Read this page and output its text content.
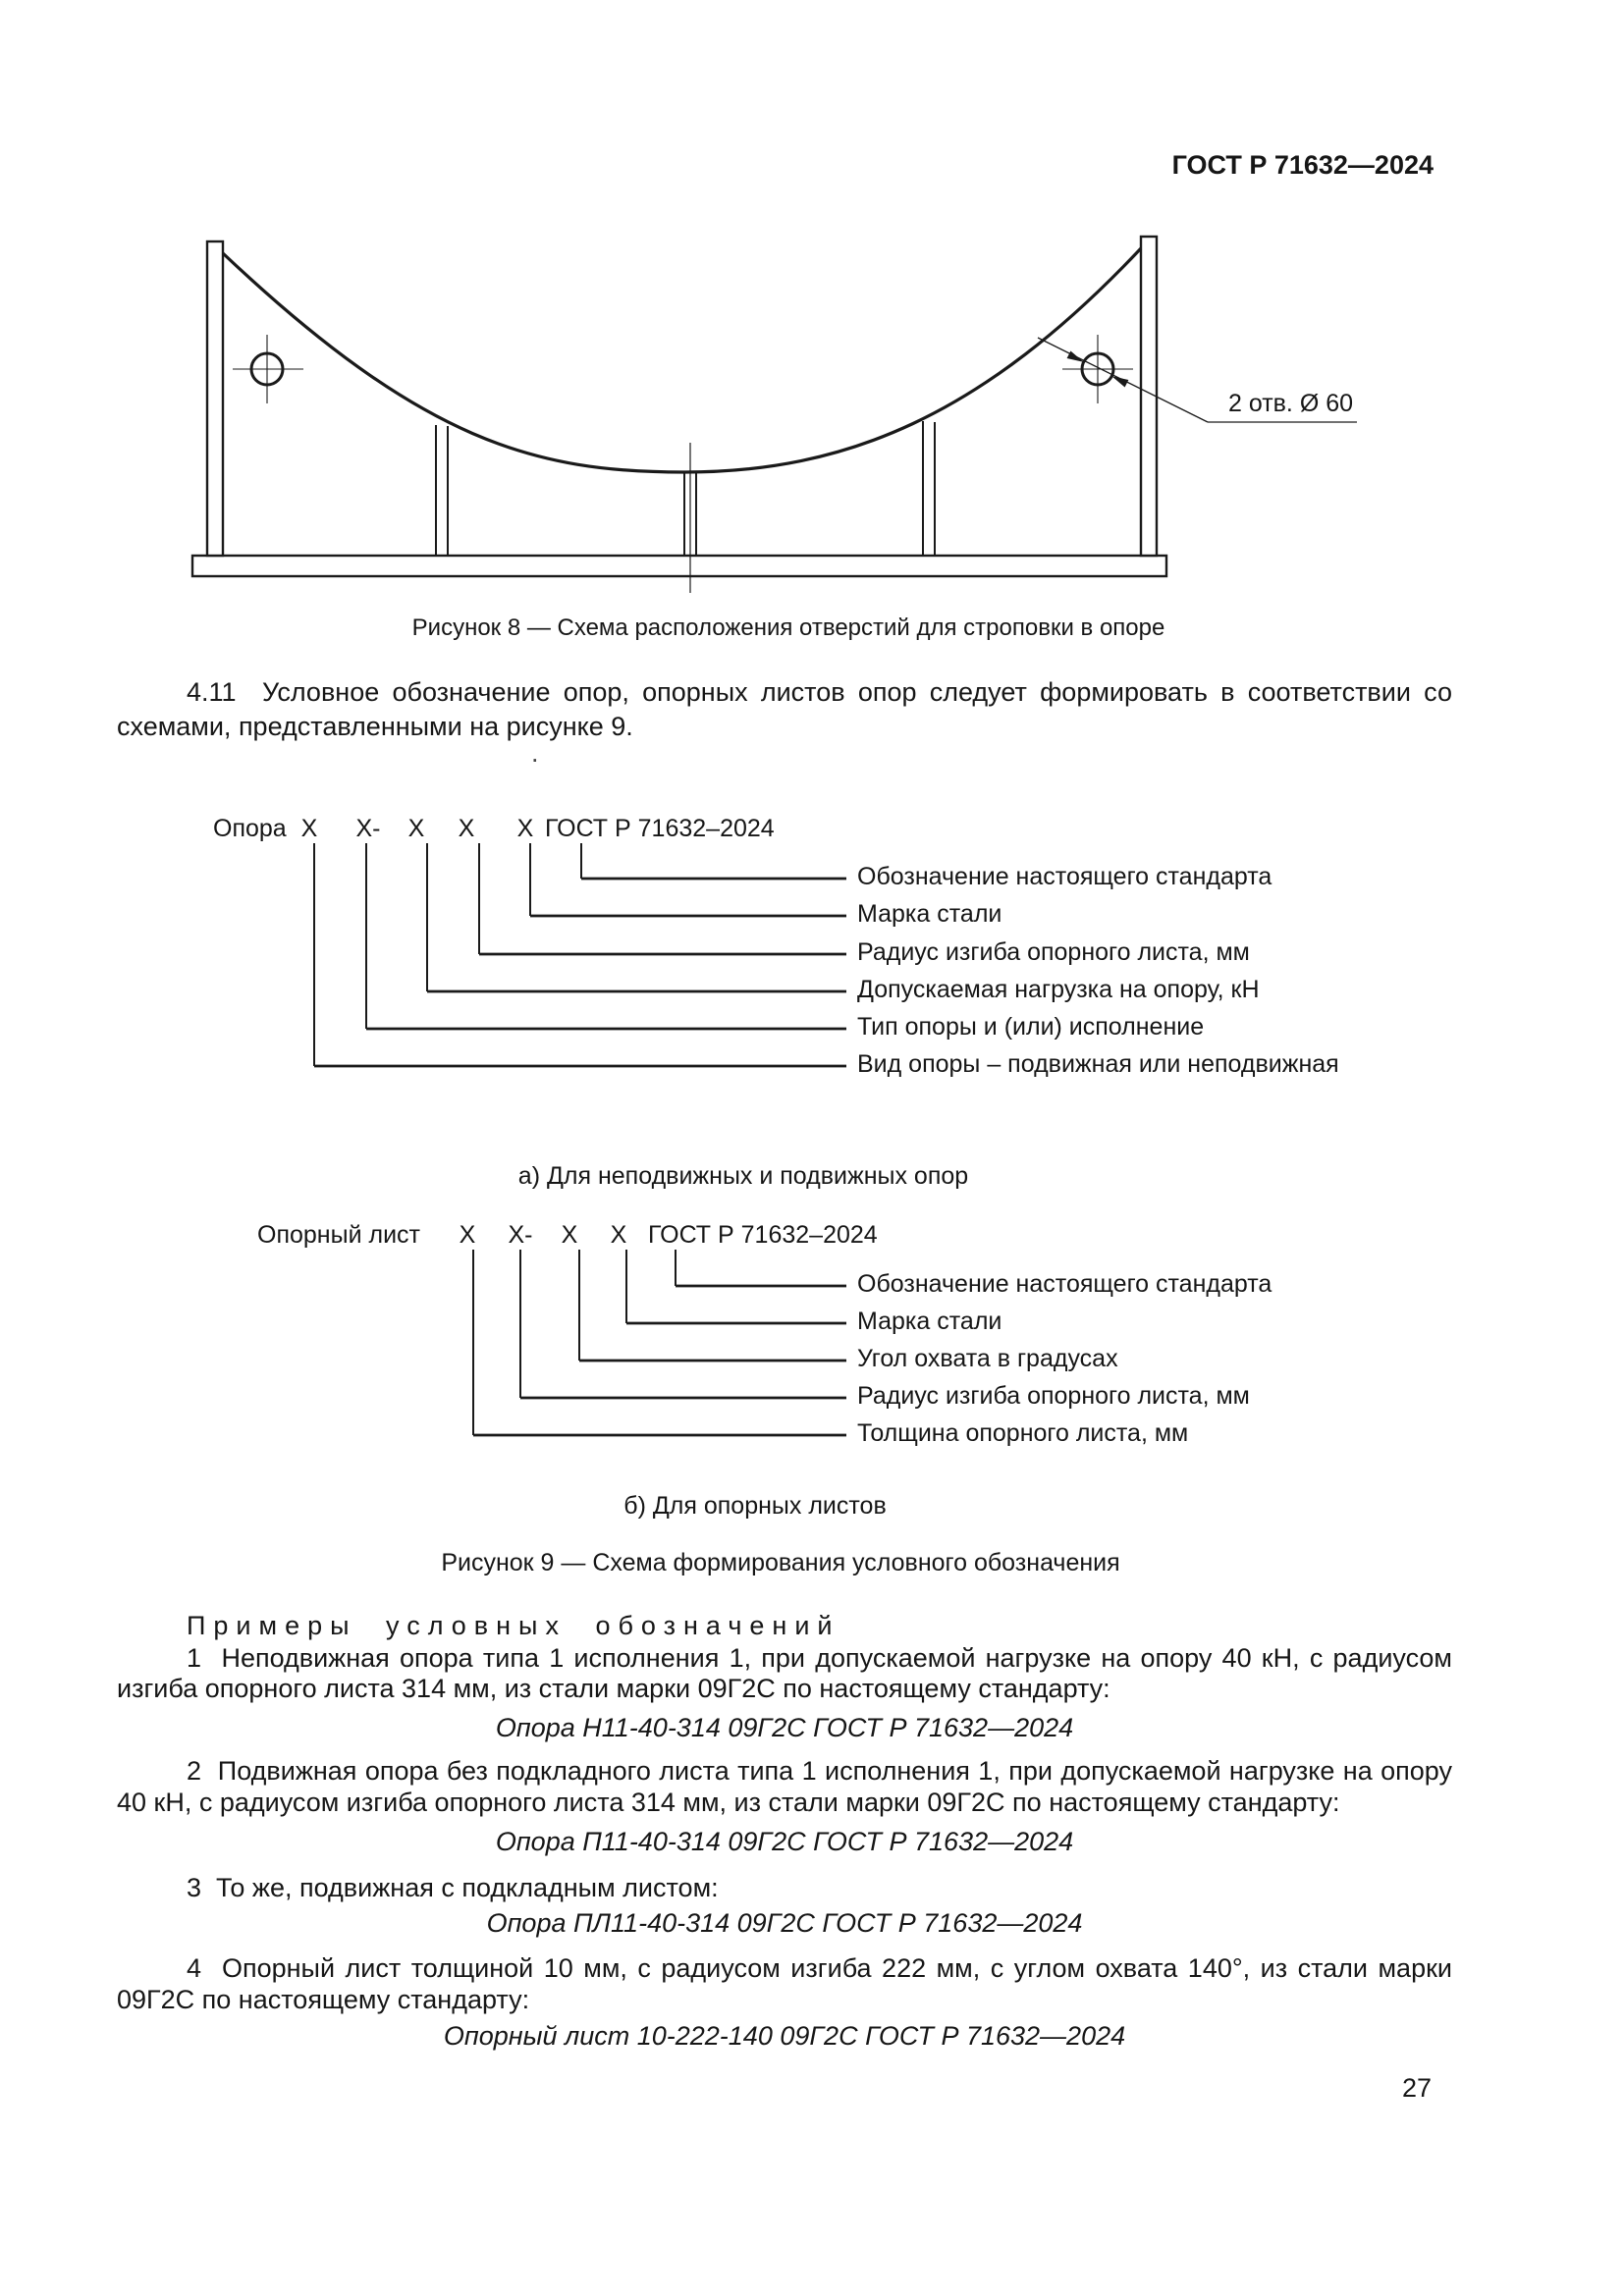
ГОСТ Р 71632—2024
2 отв. Ø 60
Рисунок 8 — Схема расположения отверстий для строповки в опоре
4.11  Условное обозначение опор, опорных листов опор следует формировать в соответствии со схемами, представленными на рисунке 9.
.
Опора Х Х- Х Х Х ГОСТ Р 71632–2024
Обозначение настоящего стандарта
Марка стали
Радиус изгиба опорного листа, мм
Допускаемая нагрузка на опору, кН
Тип опоры и (или) исполнение
Вид опоры – подвижная или неподвижная
а) Для неподвижных и подвижных опор
Опорный лист Х Х- Х Х ГОСТ Р 71632–2024
Обозначение настоящего стандарта
Марка стали
Угол охвата в градусах
Радиус изгиба опорного листа, мм
Толщина опорного листа, мм
б) Для опорных листов
Рисунок 9 — Схема формирования условного обозначения
Примеры условных обозначений
1  Неподвижная опора типа 1 исполнения 1, при допускаемой нагрузке на опору 40 кН, с радиусом изгиба опорного листа 314 мм, из стали марки 09Г2С по настоящему стандарту:
Опора Н11-40-314 09Г2С ГОСТ Р 71632—2024
2  Подвижная опора без подкладного листа типа 1 исполнения 1, при допускаемой нагрузке на опору 40 кН, с радиусом изгиба опорного листа 314 мм, из стали марки 09Г2С по настоящему стандарту:
Опора П11-40-314 09Г2С ГОСТ Р 71632—2024
3  То же, подвижная с подкладным листом:
Опора ПЛ11-40-314 09Г2С ГОСТ Р 71632—2024
4  Опорный лист толщиной 10 мм, с радиусом изгиба 222 мм, с углом охвата 140°, из стали марки 09Г2С по настоящему стандарту:
Опорный лист 10-222-140 09Г2С ГОСТ Р 71632—2024
27
